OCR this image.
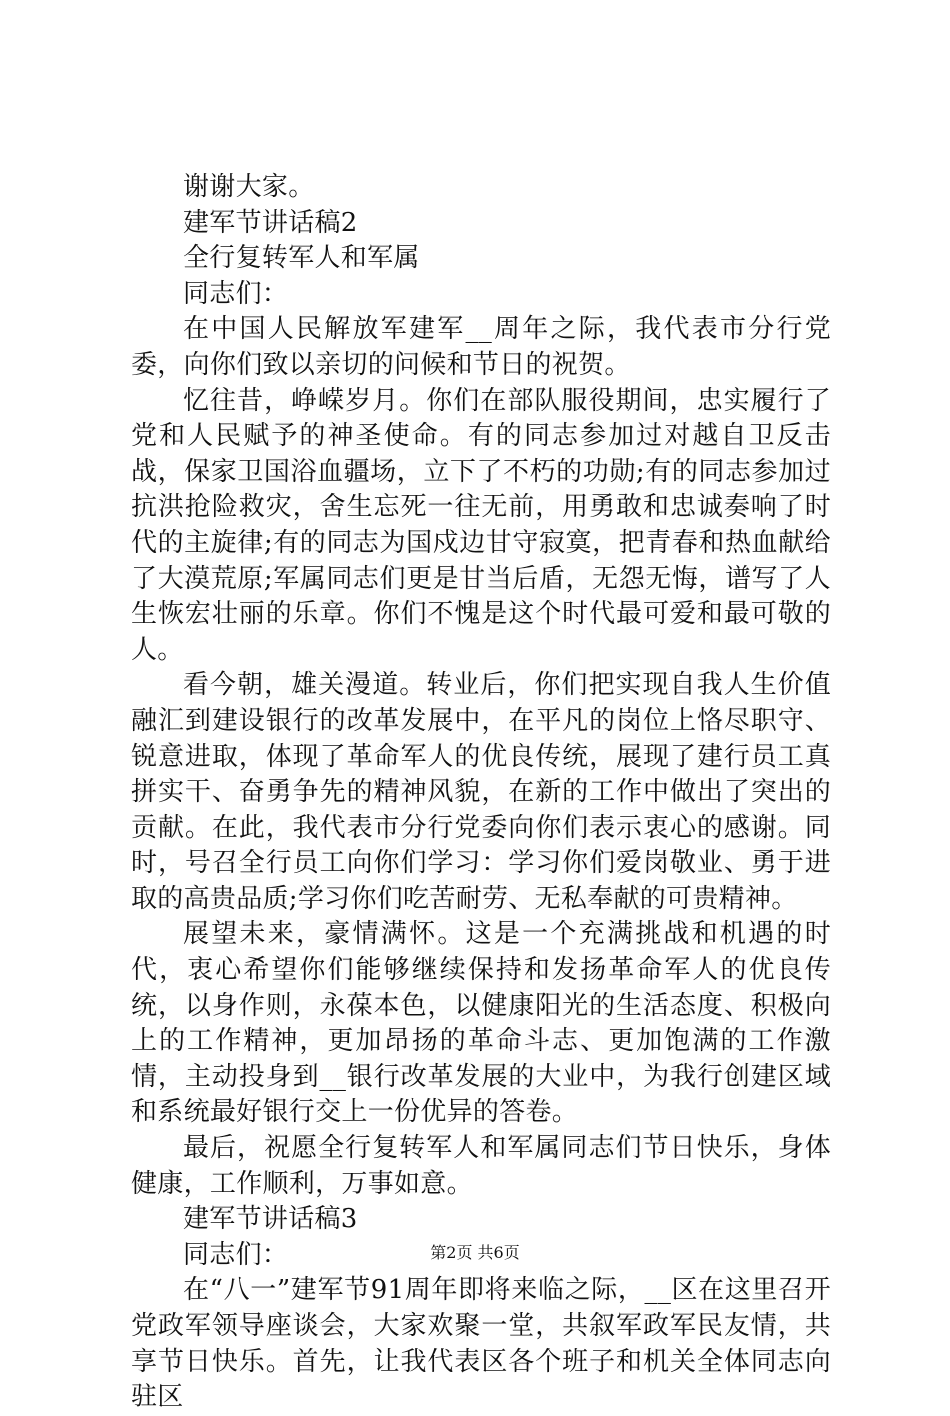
谢谢大家。

建军节讲话稿2

全行复转军人和军属

同志们：

在中国人民解放军建军__周年之际，我代表市分行党委，向你们致以亲切的问候和节日的祝贺。

忆往昔，峥嵘岁月。你们在部队服役期间，忠实履行了党和人民赋予的神圣使命。有的同志参加过对越自卫反击战，保家卫国浴血疆场，立下了不朽的功勋;有的同志参加过抗洪抢险救灾，舍生忘死一往无前，用勇敢和忠诚奏响了时代的主旋律;有的同志为国戍边甘守寂寞，把青春和热血献给了大漠荒原;军属同志们更是甘当后盾，无怨无悔，谱写了人生恢宏壮丽的乐章。你们不愧是这个时代最可爱和最可敬的人。

看今朝，雄关漫道。转业后，你们把实现自我人生价值融汇到建设银行的改革发展中，在平凡的岗位上恪尽职守、锐意进取，体现了革命军人的优良传统，展现了建行员工真拼实干、奋勇争先的精神风貌，在新的工作中做出了突出的贡献。在此，我代表市分行党委向你们表示衷心的感谢。同时，号召全行员工向你们学习：学习你们爱岗敬业、勇于进取的高贵品质;学习你们吃苦耐劳、无私奉献的可贵精神。

展望未来，豪情满怀。这是一个充满挑战和机遇的时代，衷心希望你们能够继续保持和发扬革命军人的优良传统，以身作则，永葆本色，以健康阳光的生活态度、积极向上的工作精神，更加昂扬的革命斗志、更加饱满的工作激情，主动投身到__银行改革发展的大业中，为我行创建区域和系统最好银行交上一份优异的答卷。

最后，祝愿全行复转军人和军属同志们节日快乐，身体健康，工作顺利，万事如意。

建军节讲话稿3

同志们：

在“八一”建军节91周年即将来临之际，__区在这里召开党政军领导座谈会，大家欢聚一堂，共叙军政军民友情，共享节日快乐。首先，让我代表区各个班子和机关全体同志向驻区

第2页 共6页
